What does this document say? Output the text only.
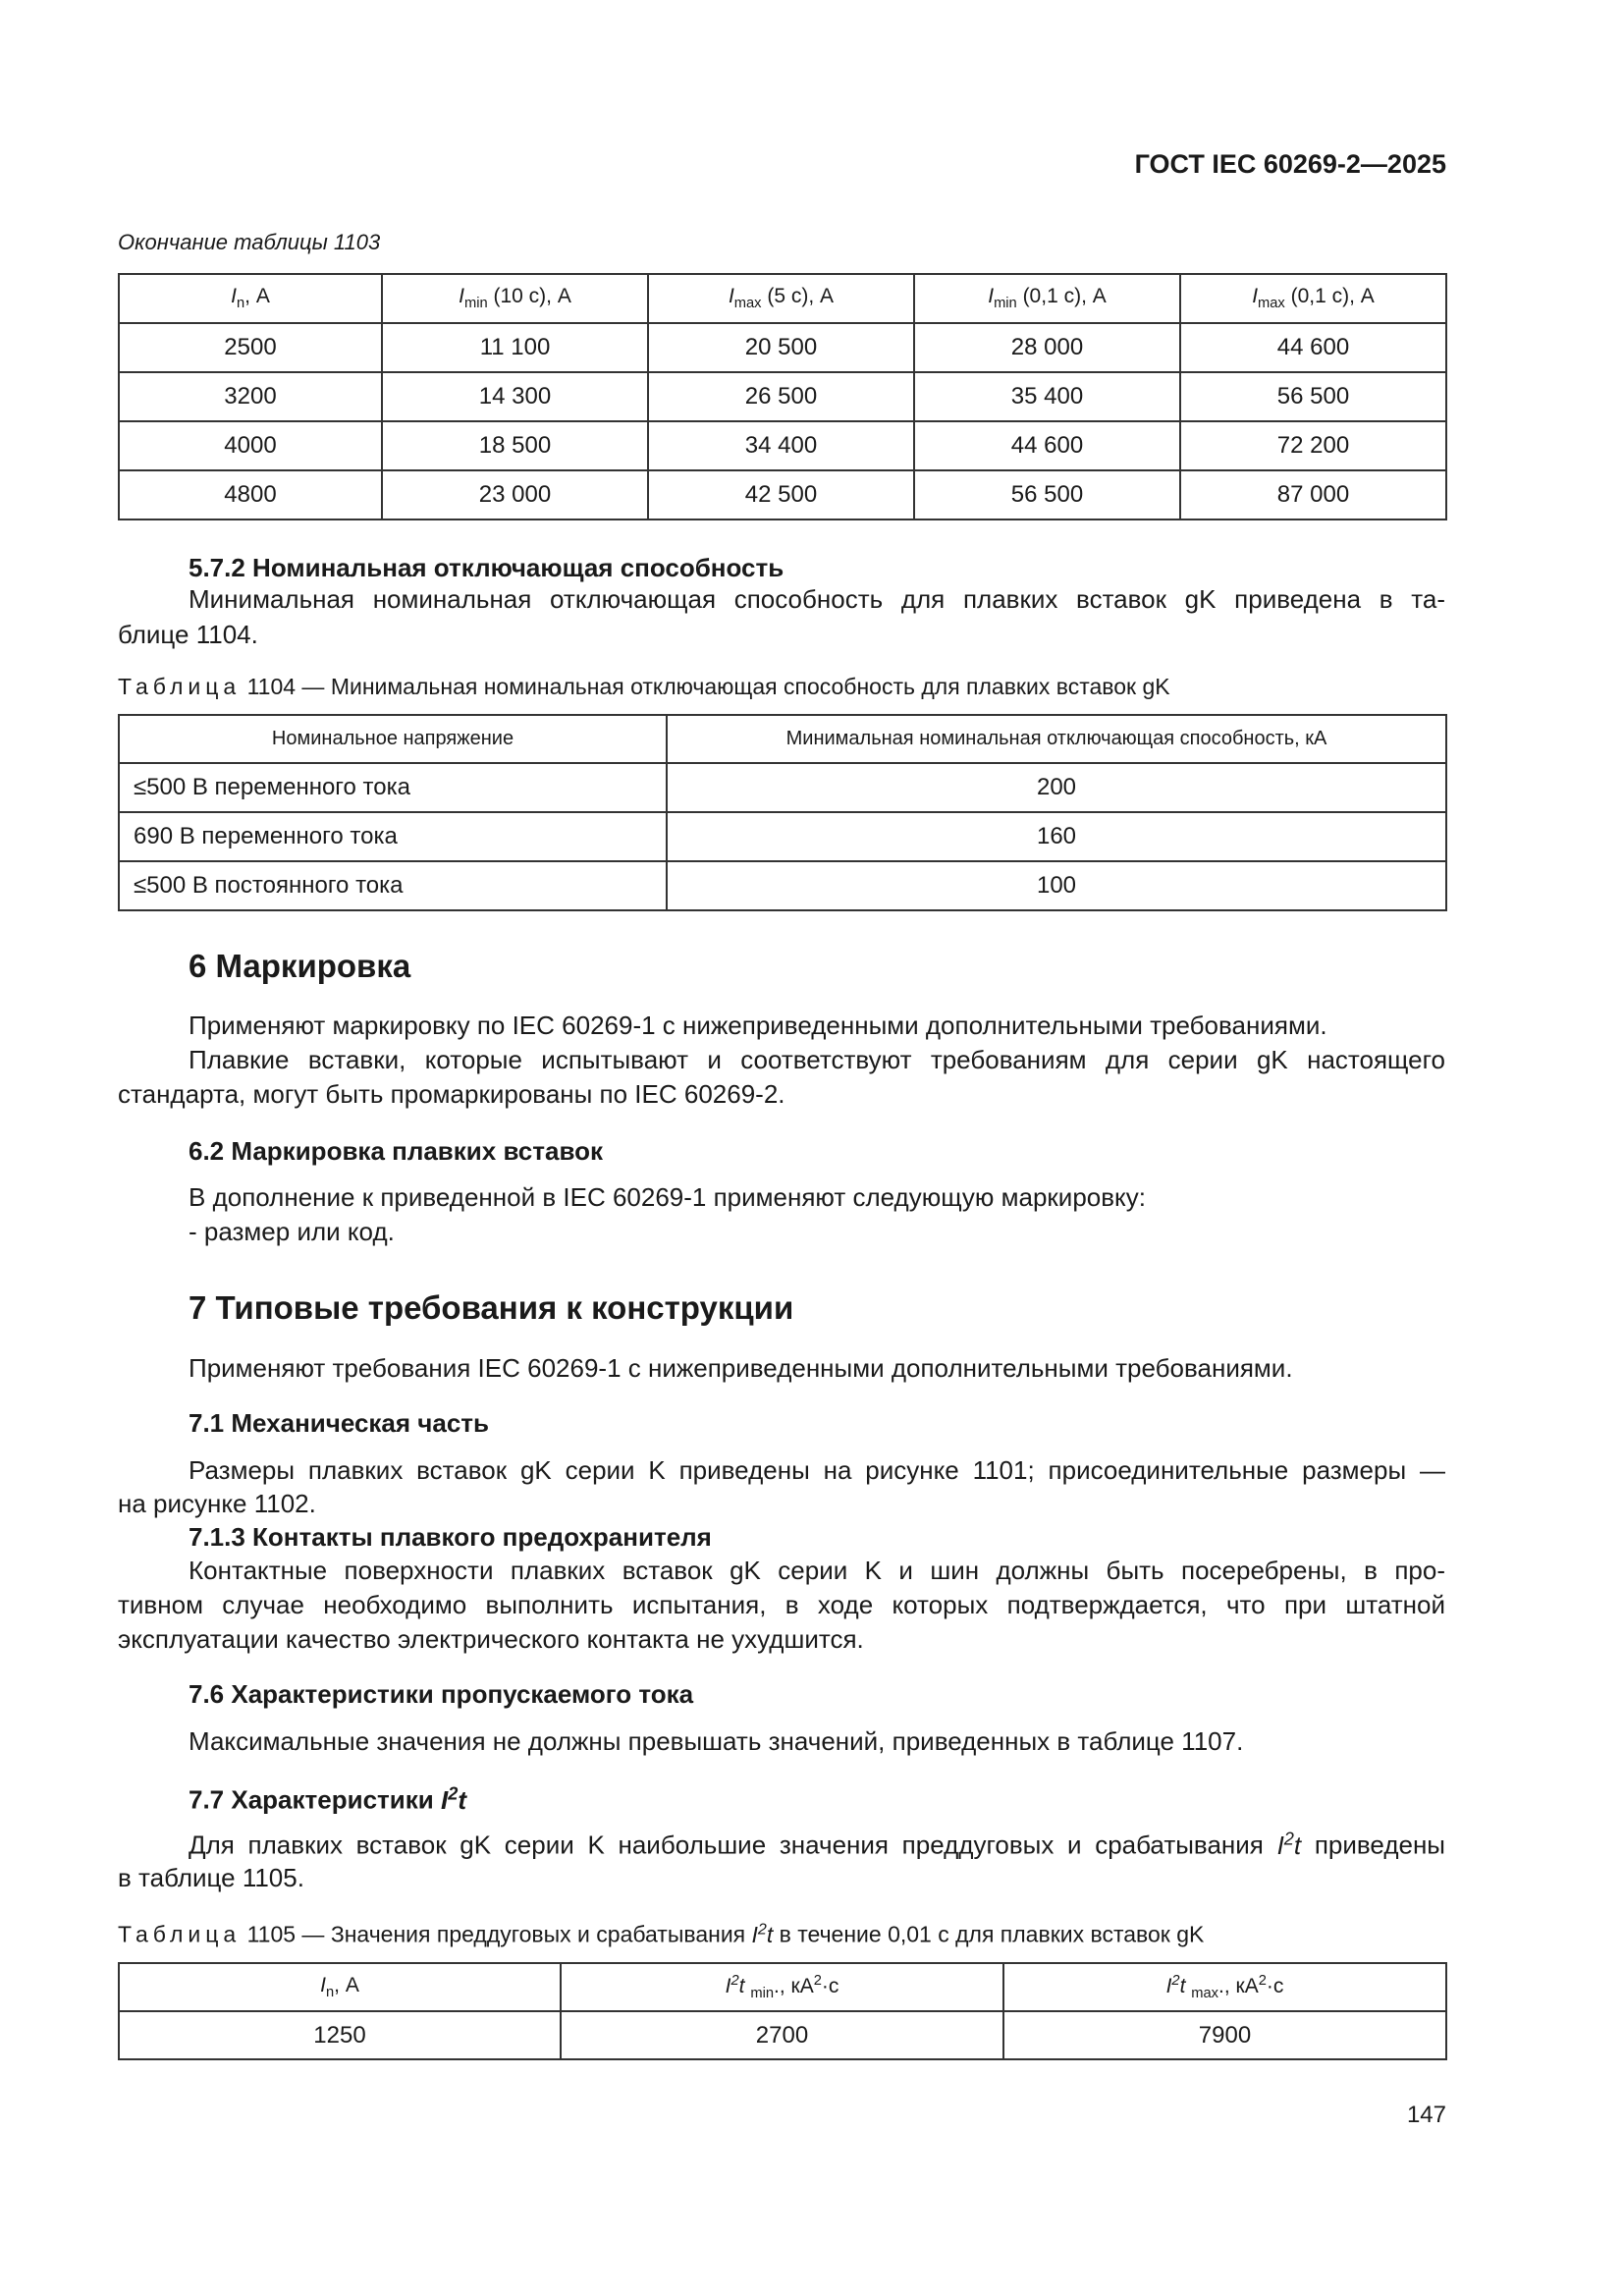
ГОСТ IEC 60269-2—2025
Окончание таблицы 1103
$I_n$, А	$I_{min}$ (10 с), А	$I_{max}$ (5 с), А	$I_{min}$ (0,1 с), А	$I_{max}$ (0,1 с), А
2500	11 100	20 500	28 000	44 600
3200	14 300	26 500	35 400	56 500
4000	18 500	34 400	44 600	72 200
4800	23 000	42 500	56 500	87 000
5.7.2 Номинальная отключающая способность
Минимальная номинальная отключающая способность для плавких вставок gK приведена в та-
блице 1104.
Таблица 1104 — Минимальная номинальная отключающая способность для плавких вставок gK
Номинальное напряжение	Минимальная номинальная отключающая способность, кА
≤500 В переменного тока	200
690 В переменного тока	160
≤500 В постоянного тока	100
6 Маркировка
Применяют маркировку по IEC 60269-1 с нижеприведенными дополнительными требованиями.
Плавкие вставки, которые испытывают и соответствуют требованиям для серии gK настоящего
стандарта, могут быть промаркированы по IEC 60269-2.
6.2 Маркировка плавких вставок
В дополнение к приведенной в IEC 60269-1 применяют следующую маркировку:
- размер или код.
7 Типовые требования к конструкции
Применяют требования IEC 60269-1 с нижеприведенными дополнительными требованиями.
7.1 Механическая часть
Размеры плавких вставок gK серии K приведены на рисунке 1101; присоединительные размеры —
на рисунке 1102.
7.1.3 Контакты плавкого предохранителя
Контактные поверхности плавких вставок gK серии K и шин должны быть посеребрены, в про-
тивном случае необходимо выполнить испытания, в ходе которых подтверждается, что при штатной
эксплуатации качество электрического контакта не ухудшится.
7.6 Характеристики пропускаемого тока
Максимальные значения не должны превышать значений, приведенных в таблице 1107.
7.7 Характеристики $I^2t$
Для плавких вставок gK серии K наибольшие значения преддуговых и срабатывания $I^2t$ приведены
в таблице 1105.
Таблица 1105 — Значения преддуговых и срабатывания $I^2t$ в течение 0,01 с для плавких вставок gK
$I_n$, А	$I^2t$ $_{min}$., $кА^2\cdot с$	$I^2t$ $_{max}$., $кА^2\cdot с$
1250	2700	7900
147
